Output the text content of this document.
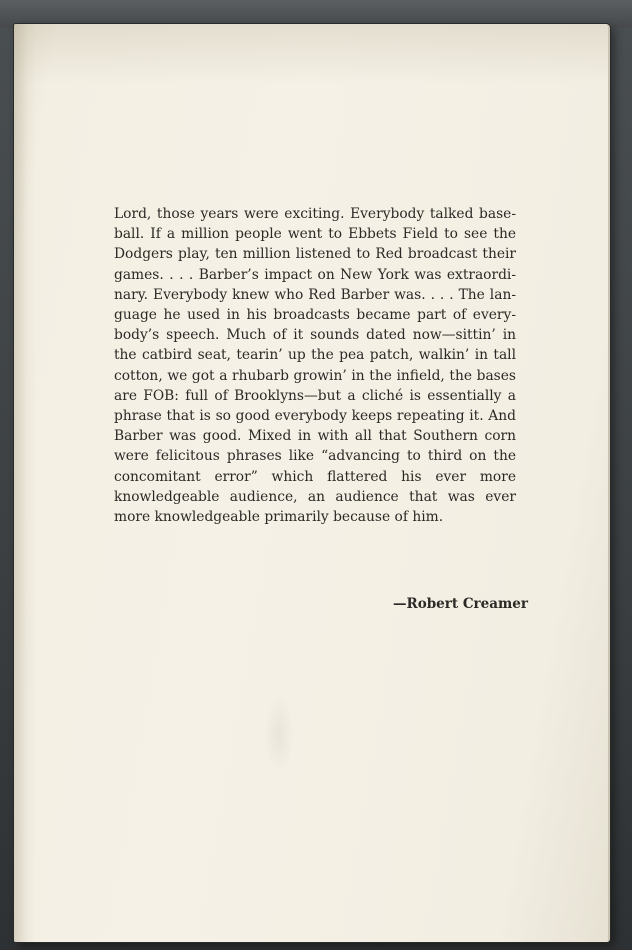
Lord, those years were exciting. Everybody talked baseball. If a million people went to Ebbets Field to see the Dodgers play, ten million listened to Red broadcast their games. . . . Barber’s impact on New York was extraordinary. Everybody knew who Red Barber was. . . . The language he used in his broadcasts became part of everybody’s speech. Much of it sounds dated now—sittin’ in the catbird seat, tearin’ up the pea patch, walkin’ in tall cotton, we got a rhubarb growin’ in the infield, the bases are FOB: full of Brooklyns—but a cliché is essentially a phrase that is so good everybody keeps repeating it. And Barber was good. Mixed in with all that Southern corn were felicitous phrases like “advancing to third on the concomitant error” which flattered his ever more knowledgeable audience, an audience that was ever more knowledgeable primarily because of him.

—Robert Creamer
